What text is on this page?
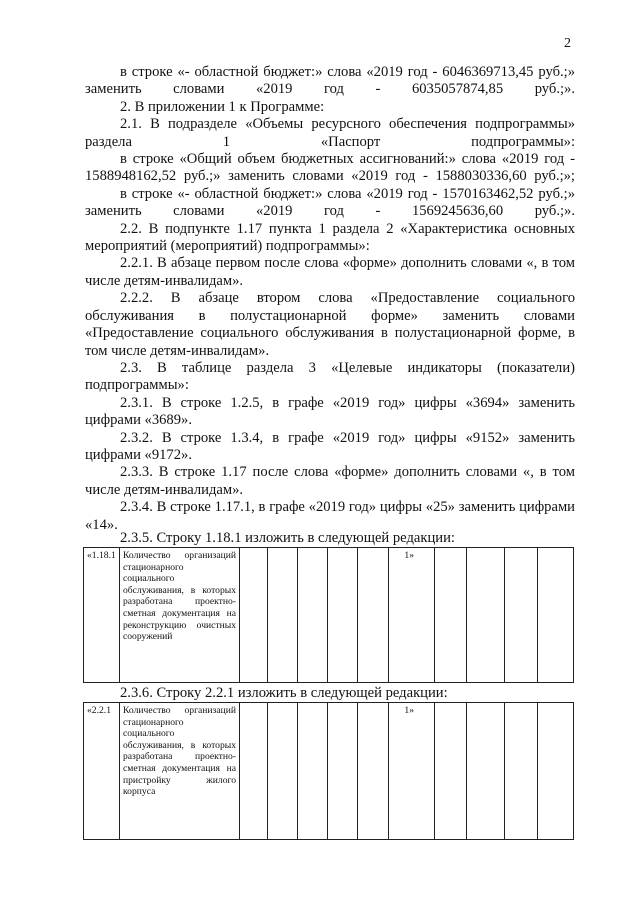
2

в строке «- областной бюджет:» слова «2019 год - 6046369713,45 руб.;» заменить словами «2019 год - 6035057874,85 руб.;».

2. В приложении 1 к Программе:

2.1. В подразделе «Объемы ресурсного обеспечения подпрограммы» раздела 1 «Паспорт подпрограммы»:

в строке «Общий объем бюджетных ассигнований:» слова «2019 год - 1588948162,52 руб.;» заменить словами «2019 год - 1588030336,60 руб.;»;

в строке «- областной бюджет:» слова «2019 год - 1570163462,52 руб.;» заменить словами «2019 год - 1569245636,60 руб.;».

2.2. В подпункте 1.17 пункта 1 раздела 2 «Характеристика основных мероприятий (мероприятий) подпрограммы»:

2.2.1. В абзаце первом после слова «форме» дополнить словами «, в том числе детям-инвалидам».

2.2.2. В абзаце втором слова «Предоставление социального обслуживания в полустационарной форме» заменить словами «Предоставление социального обслуживания в полустационарной форме, в том числе детям-инвалидам».

2.3. В таблице раздела 3 «Целевые индикаторы (показатели) подпрограммы»:

2.3.1. В строке 1.2.5, в графе «2019 год» цифры «3694» заменить цифрами «3689».

2.3.2. В строке 1.3.4, в графе «2019 год» цифры «9152» заменить цифрами «9172».

2.3.3. В строке 1.17 после слова «форме» дополнить словами «, в том числе детям-инвалидам».

2.3.4. В строке 1.17.1, в графе «2019 год» цифры «25» заменить цифрами «14».

2.3.5. Строку 1.18.1 изложить в следующей редакции:
«1.18.1	Количество организаций стационарного социального обслуживания, в которых разработана проектно-сметная документация на реконструкцию очистных сооружений						1»				
2.3.6. Строку 2.2.1 изложить в следующей редакции:
«2.2.1	Количество организаций стационарного социального обслуживания, в которых разработана проектно-сметная документация на пристройку жилого корпуса						1»				
